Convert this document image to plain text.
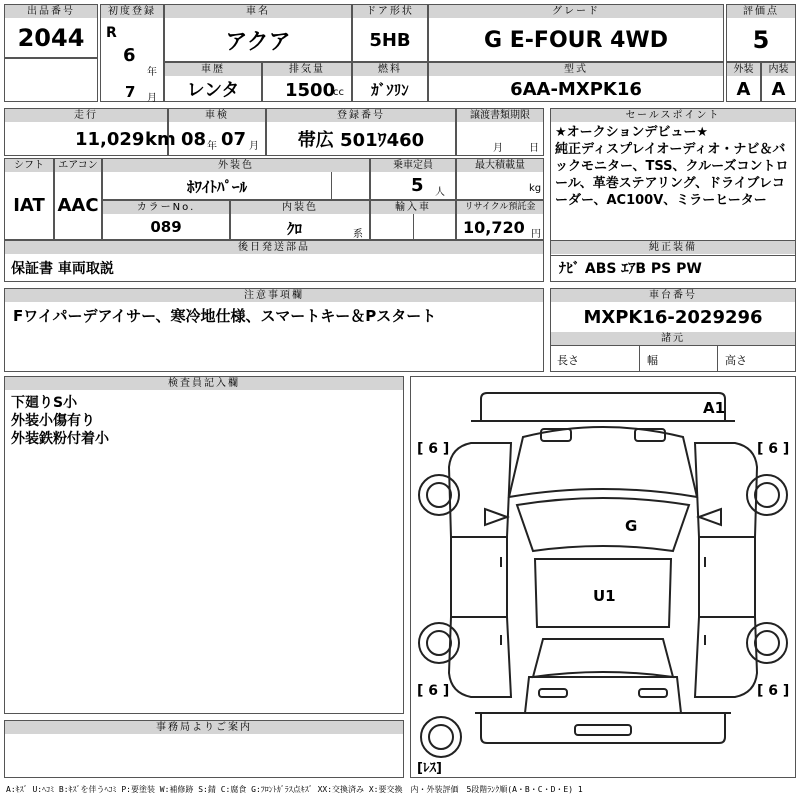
出品番号
2044
初度登録
R
6
年
7 月
車名
アクア
ドア形状
5HB
グレード
G E-FOUR 4WD
評価点
5
車歴
レンタ
排気量
1500
cc
燃料
ｶﾞｿﾘﾝ
型式
6AA-MXPK16
外装
A
内装
A
走行
11,029 km
車検
08 年 07 月
登録番号
帯広 501ﾜ460
譲渡書類期限
月	日
セールスポイント
★オークションデビュー★
純正ディスプレイオーディオ・ナビ＆バックモニター、TSS、クルーズコントロール、革巻ステアリング、ドライブレコーダー、AC100V、ミラーヒーター
シフト
IAT
エアコン
AAC
外装色
ﾎﾜｲﾄﾊﾟｰﾙ
乗車定員
5 人
最大積載量
kg
カラーNo.
089
内装色
ｸﾛ	系
輸入車	リサイクル預託金
10,720 円
後日発送部品
保証書 車両取説
純正装備
ﾅﾋﾞ ABS ｴｱB PS PW
注意事項欄
Fワイパーデアイサー、寒冷地仕様、スマートキー＆Pスタート
車台番号
MXPK16-2029296
諸元
長さ	幅	高さ
検査員記入欄
下廻りS小
外装小傷有り
外装鉄粉付着小
事務局よりご案内
[ 6 ]	[ 6 ]
[ 6 ]	[ 6 ]
[ﾚｽ]
A1
G
U1
A:ｷｽﾞ U:ﾍｺﾐ B:ｷｽﾞを伴うﾍｺﾐ P:要塗装 W:補修跡 S:錆 C:腐食 G:ﾌﾛﾝﾄｶﾞﾗｽ点ｷｽﾞ XX:交換済み X:要交換　内・外装評価　5段階ﾗﾝｸ順(A・B・C・D・E) 1
